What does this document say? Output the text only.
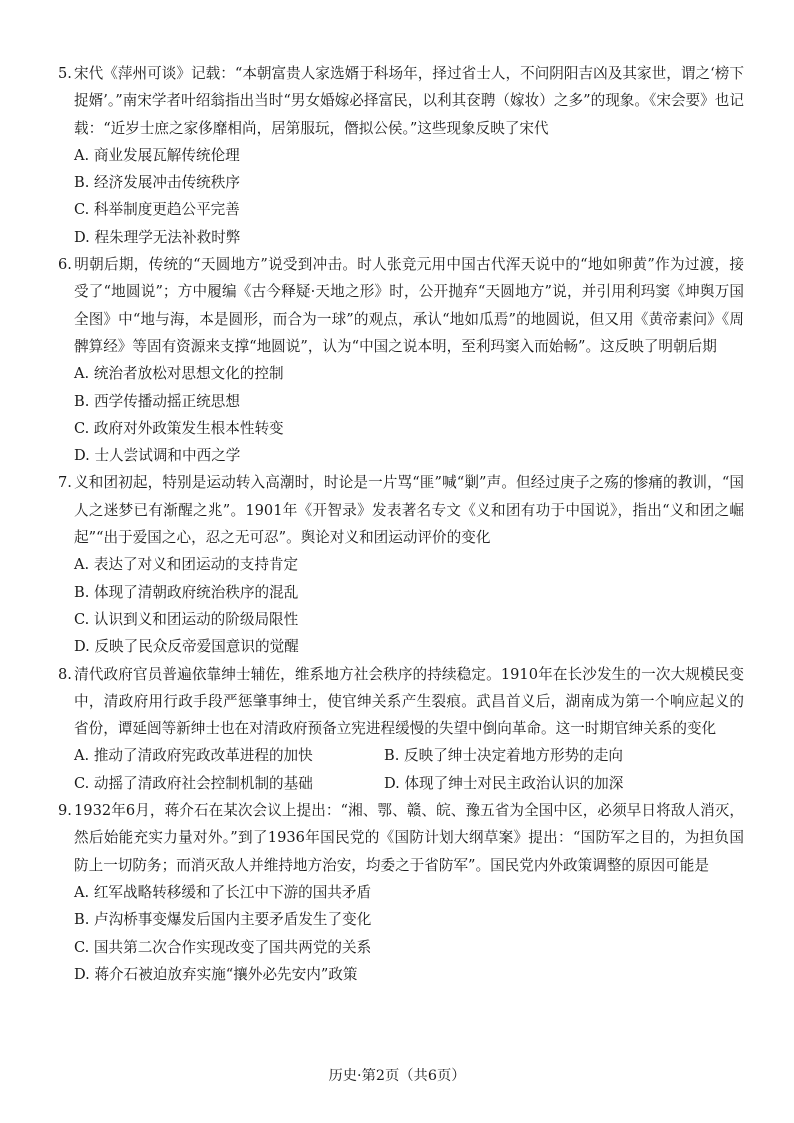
5. 宋代《萍州可谈》记载：“本朝富贵人家选婿于科场年，择过省士人，不问阴阳吉凶及其家世，谓之‘榜下捉婿’。”南宋学者叶绍翁指出当时“男女婚嫁必择富民，以利其奁聘（嫁妆）之多”的现象。《宋会要》也记载：“近岁士庶之家侈靡相尚，居第服玩，僭拟公侯。”这些现象反映了宋代

A. 商业发展瓦解传统伦理
B. 经济发展冲击传统秩序
C. 科举制度更趋公平完善
D. 程朱理学无法补救时弊

6. 明朝后期，传统的“天圆地方”说受到冲击。时人张竞元用中国古代浑天说中的“地如卵黄”作为过渡，接受了“地圆说”；方中履编《古今释疑·天地之形》时，公开抛弃“天圆地方”说，并引用利玛窦《坤舆万国全图》中“地与海，本是圆形，而合为一球”的观点，承认“地如瓜焉”的地圆说，但又用《黄帝素问》《周髀算经》等固有资源来支撑“地圆说”，认为“中国之说本明，至利玛窦入而始畅”。这反映了明朝后期

A. 统治者放松对思想文化的控制
B. 西学传播动摇正统思想
C. 政府对外政策发生根本性转变
D. 士人尝试调和中西之学

7. 义和团初起，特别是运动转入高潮时，时论是一片骂“匪”喊“剿”声。但经过庚子之殇的惨痛的教训，“国人之迷梦已有渐醒之兆”。1901年《开智录》发表著名专文《义和团有功于中国说》，指出“义和团之崛起”“出于爱国之心，忍之无可忍”。舆论对义和团运动评价的变化

A. 表达了对义和团运动的支持肯定
B. 体现了清朝政府统治秩序的混乱
C. 认识到义和团运动的阶级局限性
D. 反映了民众反帝爱国意识的觉醒

8. 清代政府官员普遍依靠绅士辅佐，维系地方社会秩序的持续稳定。1910年在长沙发生的一次大规模民变中，清政府用行政手段严惩肇事绅士，使官绅关系产生裂痕。武昌首义后，湖南成为第一个响应起义的省份，谭延闿等新绅士也在对清政府预备立宪进程缓慢的失望中倒向革命。这一时期官绅关系的变化

A. 推动了清政府宪政改革进程的加快	B. 反映了绅士决定着地方形势的走向
C. 动摇了清政府社会控制机制的基础	D. 体现了绅士对民主政治认识的加深

9. 1932年6月，蒋介石在某次会议上提出：“湘、鄂、赣、皖、豫五省为全国中区，必须早日将敌人消灭，然后始能充实力量对外。”到了1936年国民党的《国防计划大纲草案》提出：“国防军之目的，为担负国防上一切防务；而消灭敌人并维持地方治安，均委之于省防军”。国民党内外政策调整的原因可能是

A. 红军战略转移缓和了长江中下游的国共矛盾
B. 卢沟桥事变爆发后国内主要矛盾发生了变化
C. 国共第二次合作实现改变了国共两党的关系
D. 蒋介石被迫放弃实施“攘外必先安内”政策
历史·第2页（共6页）
